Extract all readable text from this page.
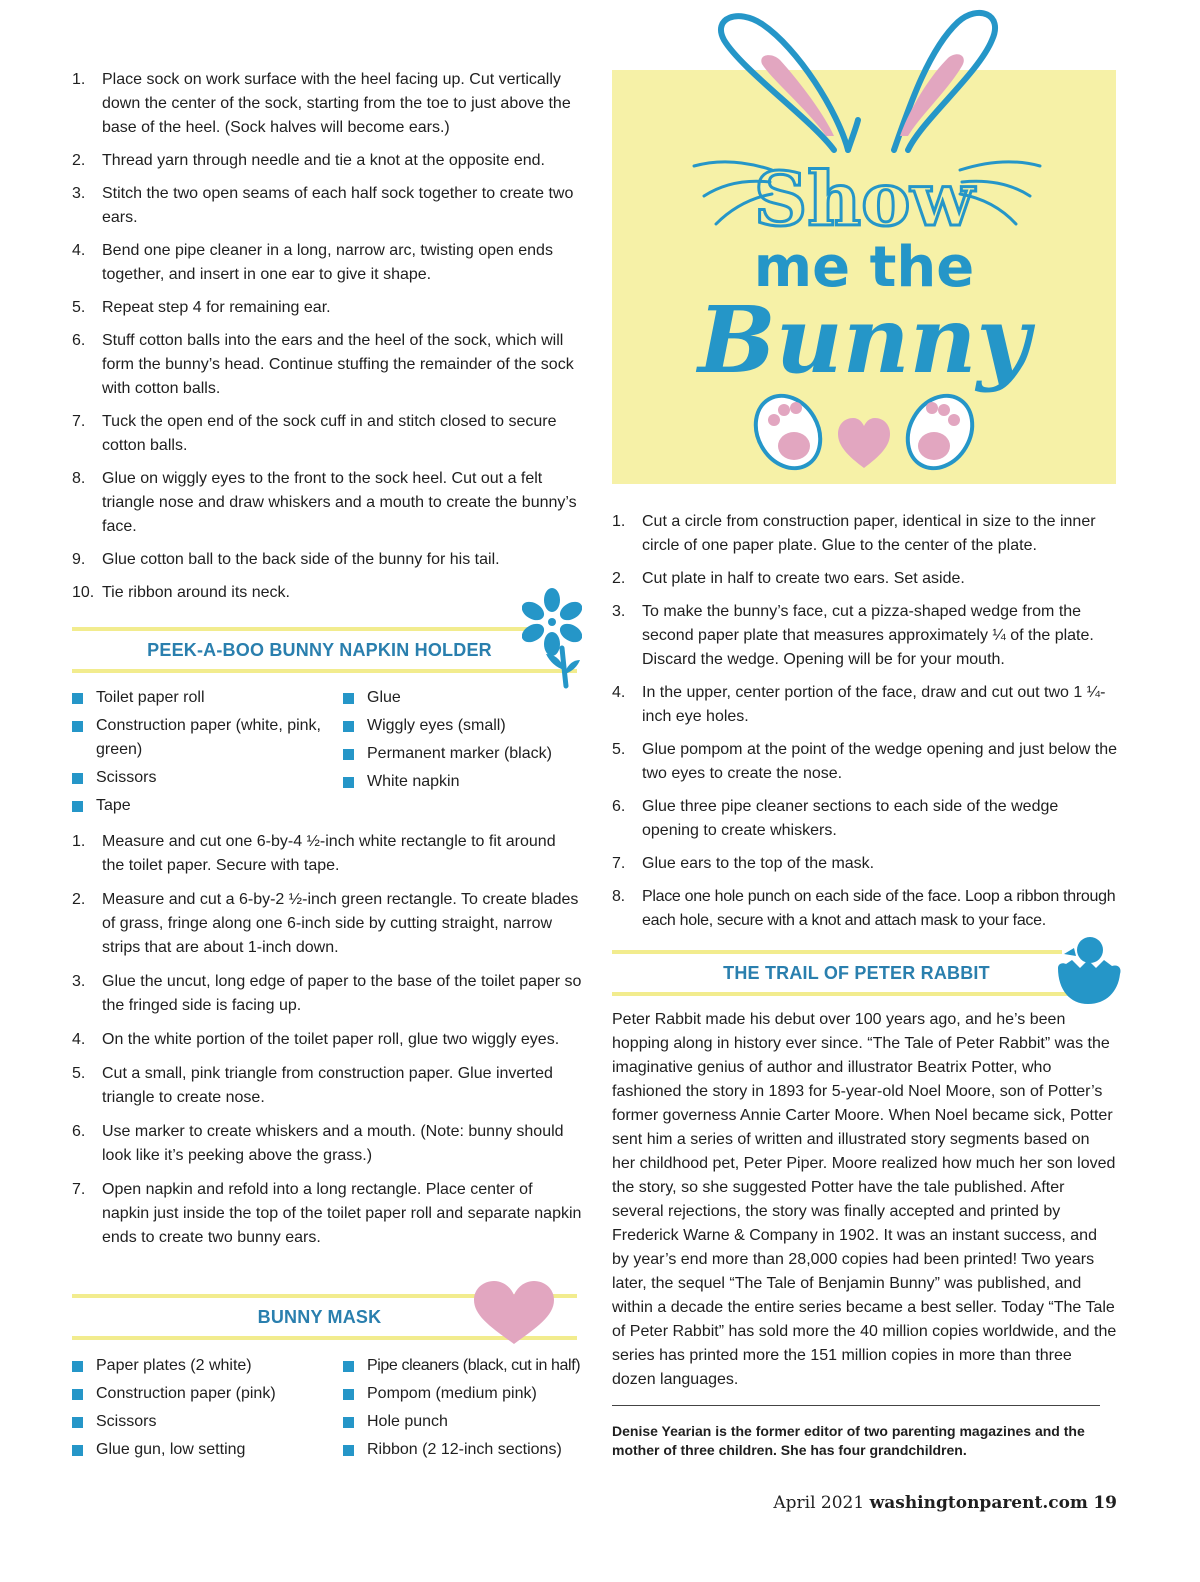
1. Place sock on work surface with the heel facing up. Cut vertically down the center of the sock, starting from the toe to just above the base of the heel. (Sock halves will become ears.)
2. Thread yarn through needle and tie a knot at the opposite end.
3. Stitch the two open seams of each half sock together to create two ears.
4. Bend one pipe cleaner in a long, narrow arc, twisting open ends together, and insert in one ear to give it shape.
5. Repeat step 4 for remaining ear.
6. Stuff cotton balls into the ears and the heel of the sock, which will form the bunny’s head. Continue stuffing the remainder of the sock with cotton balls.
7. Tuck the open end of the sock cuff in and stitch closed to secure cotton balls.
8. Glue on wiggly eyes to the front to the sock heel. Cut out a felt triangle nose and draw whiskers and a mouth to create the bunny’s face.
9. Glue cotton ball to the back side of the bunny for his tail.
10. Tie ribbon around its neck.
PEEK-A-BOO BUNNY NAPKIN HOLDER
Toilet paper roll
Construction paper (white, pink, green)
Scissors
Tape
Glue
Wiggly eyes (small)
Permanent marker (black)
White napkin
1. Measure and cut one 6-by-4 ½-inch white rectangle to fit around the toilet paper. Secure with tape.
2. Measure and cut a 6-by-2 ½-inch green rectangle. To create blades of grass, fringe along one 6-inch side by cutting straight, narrow strips that are about 1-inch down.
3. Glue the uncut, long edge of paper to the base of the toilet paper so the fringed side is facing up.
4. On the white portion of the toilet paper roll, glue two wiggly eyes.
5. Cut a small, pink triangle from construction paper. Glue inverted triangle to create nose.
6. Use marker to create whiskers and a mouth. (Note: bunny should look like it’s peeking above the grass.)
7. Open napkin and refold into a long rectangle. Place center of napkin just inside the top of the toilet paper roll and separate napkin ends to create two bunny ears.
BUNNY MASK
Paper plates (2 white)
Construction paper (pink)
Scissors
Glue gun, low setting
Pipe cleaners (black, cut in half)
Pompom (medium pink)
Hole punch
Ribbon (2 12-inch sections)
Show
me the
Bunny
1. Cut a circle from construction paper, identical in size to the inner circle of one paper plate. Glue to the center of the plate.
2. Cut plate in half to create two ears. Set aside.
3. To make the bunny’s face, cut a pizza-shaped wedge from the second paper plate that measures approximately ¼ of the plate. Discard the wedge. Opening will be for your mouth.
4. In the upper, center portion of the face, draw and cut out two 1 ¼-inch eye holes.
5. Glue pompom at the point of the wedge opening and just below the two eyes to create the nose.
6. Glue three pipe cleaner sections to each side of the wedge opening to create whiskers.
7. Glue ears to the top of the mask.
8. Place one hole punch on each side of the face. Loop a ribbon through each hole, secure with a knot and attach mask to your face.
THE TRAIL OF PETER RABBIT
Peter Rabbit made his debut over 100 years ago, and he’s been hopping along in history ever since. “The Tale of Peter Rabbit” was the imaginative genius of author and illustrator Beatrix Potter, who fashioned the story in 1893 for 5-year-old Noel Moore, son of Potter’s former governess Annie Carter Moore. When Noel became sick, Potter sent him a series of written and illustrated story segments based on her childhood pet, Peter Piper. Moore realized how much her son loved the story, so she suggested Potter have the tale published. After several rejections, the story was finally accepted and printed by Frederick Warne & Company in 1902. It was an instant success, and by year’s end more than 28,000 copies had been printed! Two years later, the sequel “The Tale of Benjamin Bunny” was published, and within a decade the entire series became a best seller. Today “The Tale of Peter Rabbit” has sold more the 40 million copies worldwide, and the series has printed more the 151 million copies in more than three dozen languages.
Denise Yearian is the former editor of two parenting magazines and the mother of three children. She has four grandchildren.
April 2021 washingtonparent.com 19
